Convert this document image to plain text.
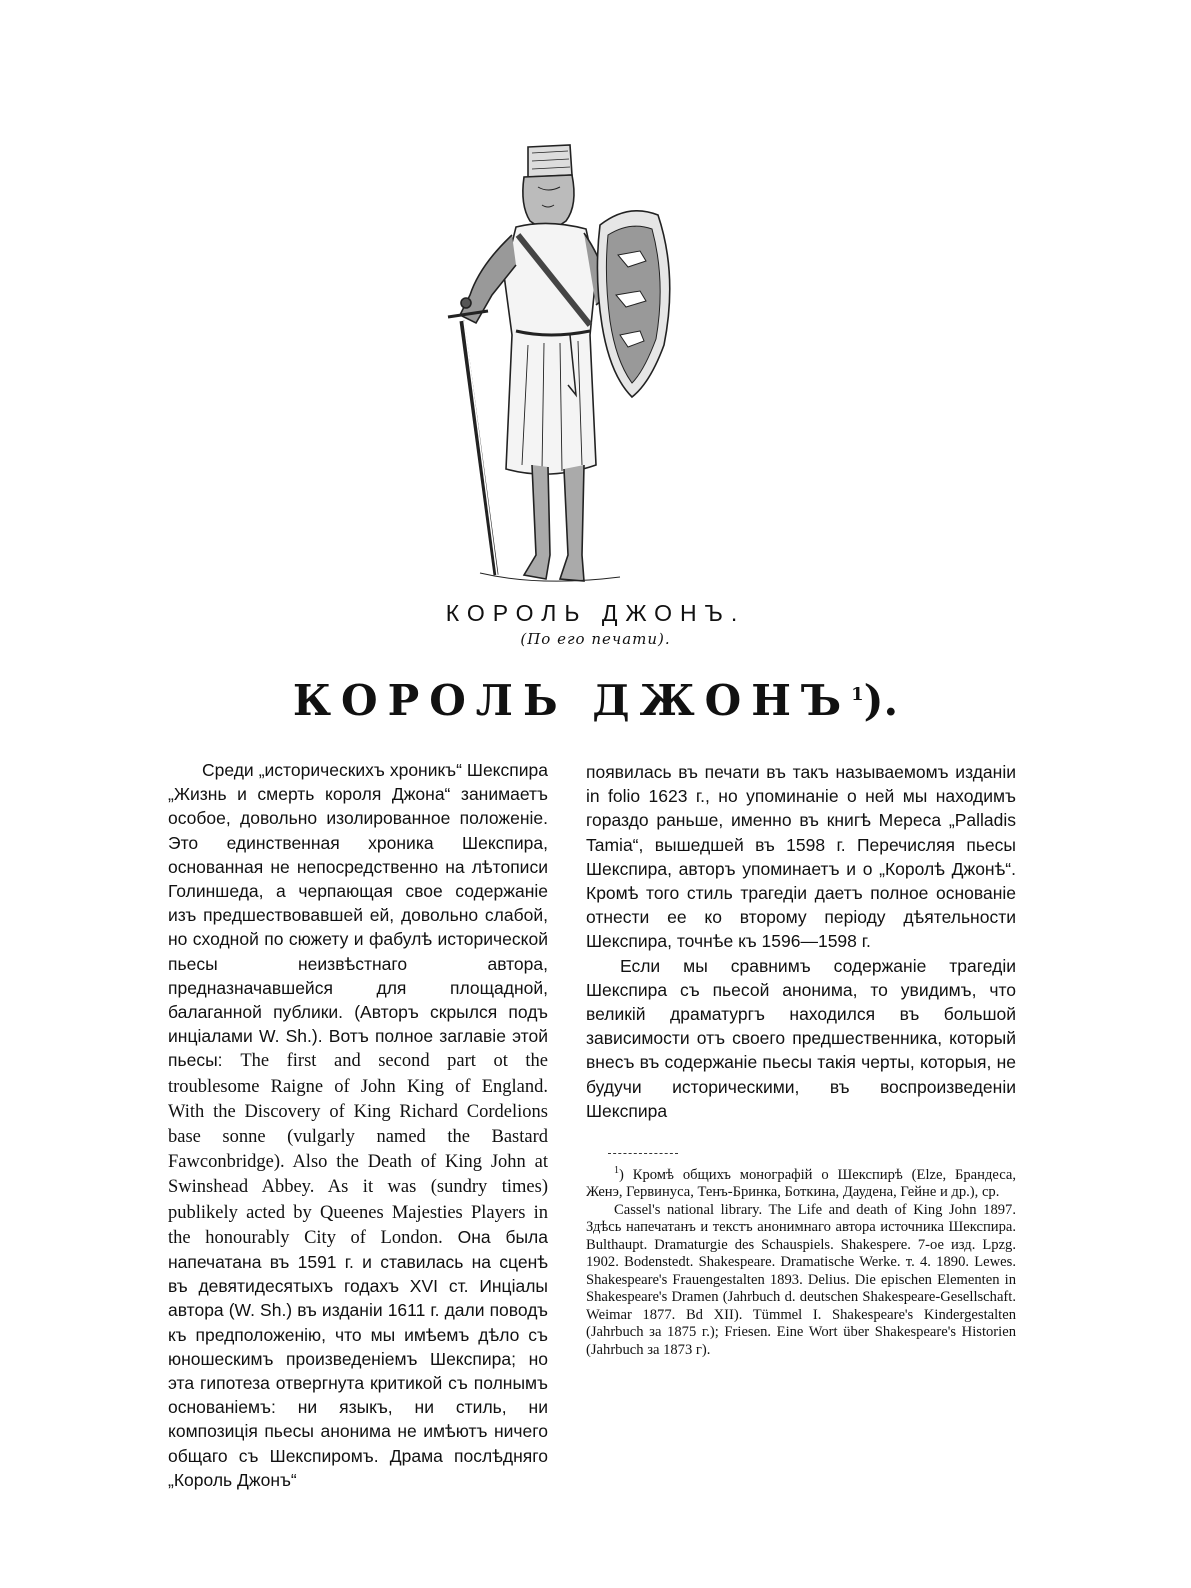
КОРОЛЬ ДЖОНЪ.
(По его печати).
КОРОЛЬ ДЖОНЪ$^1$).

Среди „историческихъ хроникъ“ Шекспира „Жизнь и смерть короля Джона“ занимаетъ особое, довольно изолированное положеніе. Это единственная хроника Шекспира, основанная не непосредственно на лѣтописи Голиншеда, а черпающая свое содержаніе изъ предшествовавшей ей, довольно слабой, но сходной по сюжету и фабулѣ исторической пьесы неизвѣстнаго автора, предназначавшейся для площадной, балаганной публики. (Авторъ скрылся подъ инціалами W. Sh.). Вотъ полное заглавіе этой пьесы: The first and second part ot the troublesome Raigne of John King of England. With the Discovery of King Richard Cordelions base sonne (vulgarly named the Bastard Fawconbridge). Also the Death of King John at Swinshead Abbey. As it was (sundry times) publikely acted by Queenes Majesties Players in the honourably City of London. Она была напечатана въ 1591 г. и ставилась на сценѣ въ девятидесятыхъ годахъ XVI ст. Инціалы автора (W. Sh.) въ изданіи 1611 г. дали поводъ къ предположенію, что мы имѣемъ дѣло съ юношескимъ произведеніемъ Шекспира; но эта гипотеза отвергнута критикой съ полнымъ основаніемъ: ни языкъ, ни стиль, ни композиція пьесы анонима не имѣютъ ничего общаго съ Шекспиромъ. Драма послѣдняго „Король Джонъ“

появилась въ печати въ такъ называемомъ изданіи in folio 1623 г., но упоминаніе о ней мы находимъ гораздо раньше, именно въ книгѣ Мереса „Palladis Tamia“, вышедшей въ 1598 г. Перечисляя пьесы Шекспира, авторъ упоминаетъ и о „Королѣ Джонѣ“. Кромѣ того стиль трагедіи даетъ полное основаніе отнести ее ко второму періоду дѣятельности Шекспира, точнѣе къ 1596—1598 г.

Если мы сравнимъ содержаніе трагедіи Шекспира съ пьесой анонима, то увидимъ, что великій драматургъ находился въ большой зависимости отъ своего предшественника, который внесъ въ содержаніе пьесы такія черты, которыя, не будучи историческими, въ воспроизведеніи Шекспира

$^1$) Кромѣ общихъ монографій о Шекспирѣ (Elze, Брандеса, Женэ, Гервинуса, Тенъ-Бринка, Боткина, Даудена, Гейне и др.), ср.

Cassel's national library. The Life and death of King John 1897. Здѣсь напечатанъ и текстъ анонимнаго автора источника Шекспира. Bulthaupt. Dramaturgie des Schauspiels. Shakespere. 7-ое изд. Lpzg. 1902. Bodenstedt. Shakespeare. Dramatische Werke. т. 4. 1890. Lewes. Shakespeare's Frauengestalten 1893. Delius. Die epischen Elementen in Shakespeare's Dramen (Jahrbuch d. deutschen Shakespeare-Gesellschaft. Weimar 1877. Bd XII). Tümmel I. Shakespeare's Kindergestalten (Jahrbuch за 1875 г.); Friesen. Eine Wort über Shakespeare's Historien (Jahrbuch за 1873 г).
